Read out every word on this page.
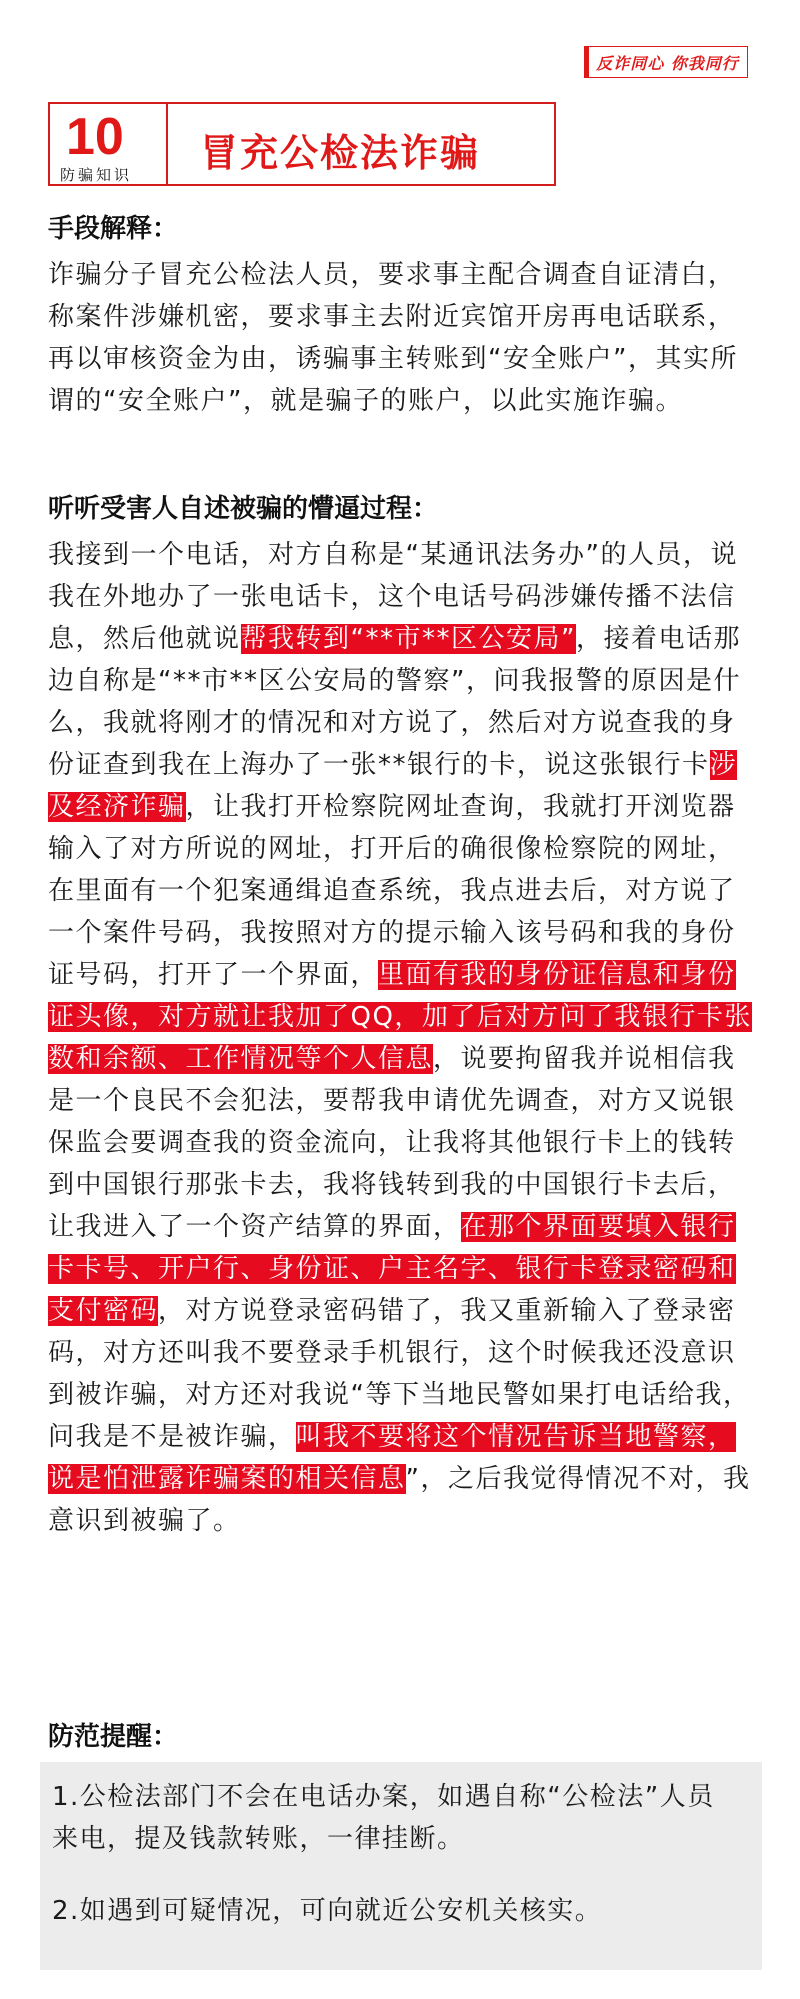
反诈同心 你我同行
10
防骗知识 冒充公检法诈骗
手段解释：
诈骗分子冒充公检法人员，要求事主配合调查自证清白，称案件涉嫌机密，要求事主去附近宾馆开房再电话联系，再以审核资金为由，诱骗事主转账到“安全账户”，其实所谓的“安全账户”，就是骗子的账户，以此实施诈骗。
听听受害人自述被骗的懵逼过程：
我接到一个电话，对方自称是“某通讯法务办”的人员，说我在外地办了一张电话卡，这个电话号码涉嫌传播不法信息，然后他就说帮我转到“**市**区公安局”，接着电话那边自称是“**市**区公安局的警察”，问我报警的原因是什么，我就将刚才的情况和对方说了，然后对方说查我的身份证查到我在上海办了一张**银行的卡，说这张银行卡涉及经济诈骗，让我打开检察院网址查询，我就打开浏览器输入了对方所说的网址，打开后的确很像检察院的网址，在里面有一个犯案通缉追查系统，我点进去后，对方说了一个案件号码，我按照对方的提示输入该号码和我的身份证号码，打开了一个界面，里面有我的身份证信息和身份证头像，对方就让我加了QQ，加了后对方问了我银行卡张数和余额、工作情况等个人信息，说要拘留我并说相信我是一个良民不会犯法，要帮我申请优先调查，对方又说银保监会要调查我的资金流向，让我将其他银行卡上的钱转到中国银行那张卡去，我将钱转到我的中国银行卡去后，让我进入了一个资产结算的界面，在那个界面要填入银行卡卡号、开户行、身份证、户主名字、银行卡登录密码和支付密码，对方说登录密码错了，我又重新输入了登录密码，对方还叫我不要登录手机银行，这个时候我还没意识到被诈骗，对方还对我说“等下当地民警如果打电话给我，问我是不是被诈骗，叫我不要将这个情况告诉当地警察，说是怕泄露诈骗案的相关信息”，之后我觉得情况不对，我意识到被骗了。
防范提醒：
1.公检法部门不会在电话办案，如遇自称“公检法”人员来电，提及钱款转账，一律挂断。
2.如遇到可疑情况，可向就近公安机关核实。
